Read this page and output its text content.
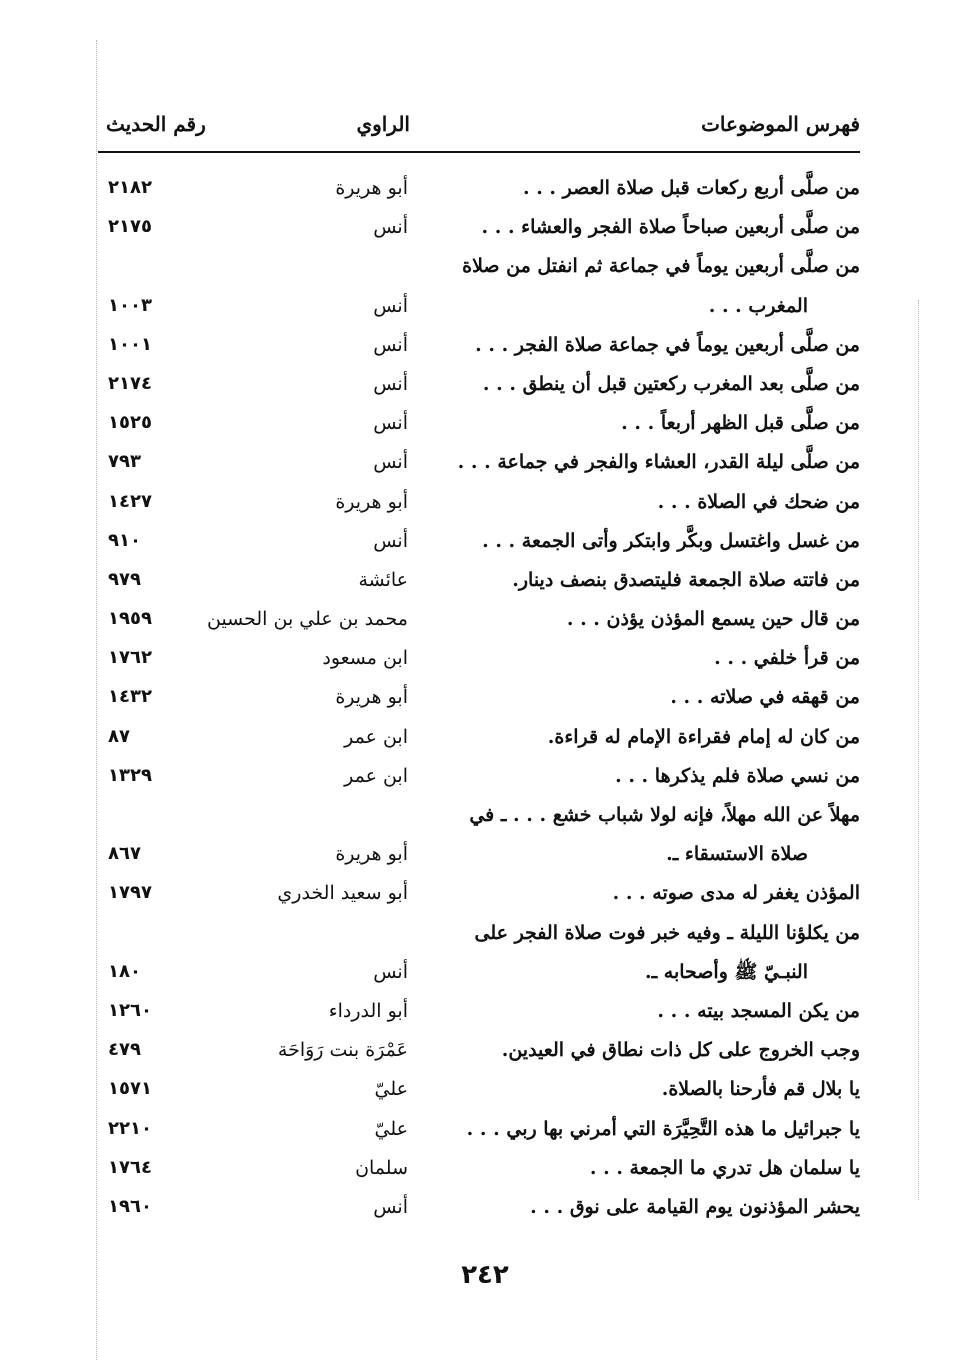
فهرس الموضوعات
الراوي
رقم الحديث
من صلَّى أربع ركعات قبل صلاة العصر . . .
أبو هريرة
٢١٨٢
من صلَّى أربعين صباحاً صلاة الفجر والعشاء . . .
أنس
٢١٧٥
من صلَّى أربعين يوماً في جماعة ثم انفتل من صلاة
المغرب . . .
أنس
١٠٠٣
من صلَّى أربعين يوماً في جماعة صلاة الفجر . . .
أنس
١٠٠١
من صلَّى بعد المغرب ركعتين قبل أن ينطق . . .
أنس
٢١٧٤
من صلَّى قبل الظهر أربعاً . . .
أنس
١٥٢٥
من صلَّى ليلة القدر، العشاء والفجر في جماعة . . .
أنس
٧٩٣
من ضحك في الصلاة . . .
أبو هريرة
١٤٢٧
من غسل واغتسل وبكَّر وابتكر وأتى الجمعة . . .
أنس
٩١٠
من فاتته صلاة الجمعة فليتصدق بنصف دينار.
عائشة
٩٧٩
من قال حين يسمع المؤذن يؤذن . . .
محمد بن علي بن الحسين
١٩٥٩
من قرأ خلفي . . .
ابن مسعود
١٧٦٢
من قهقه في صلاته . . .
أبو هريرة
١٤٣٢
من كان له إمام فقراءة الإمام له قراءة.
ابن عمر
٨٧
من نسي صلاة فلم يذكرها . . .
ابن عمر
١٣٢٩
مهلاً عن الله مهلاً، فإنه لولا شباب خشع . . . ـ في
صلاة الاستسقاء ـ.
أبو هريرة
٨٦٧
المؤذن يغفر له مدى صوته . . .
أبو سعيد الخدري
١٧٩٧
من يكلؤنا الليلة ـ وفيه خبر فوت صلاة الفجر على
النبـيّ ﷺ وأصحابه ـ.
أنس
١٨٠
من يكن المسجد بيته . . .
أبو الدرداء
١٢٦٠
وجب الخروج على كل ذات نطاق في العيدين.
عَمْرَة بنت رَوَاحَة
٤٧٩
يا بلال قم فأرحنا بالصلاة.
عليّ
١٥٧١
يا جبرائيل ما هذه التَّحِيَّرَة التي أمرني بها ربي . . .
عليّ
٢٢١٠
يا سلمان هل تدري ما الجمعة . . .
سلمان
١٧٦٤
يحشر المؤذنون يوم القيامة على نوق . . .
أنس
١٩٦٠
٢٤٢
